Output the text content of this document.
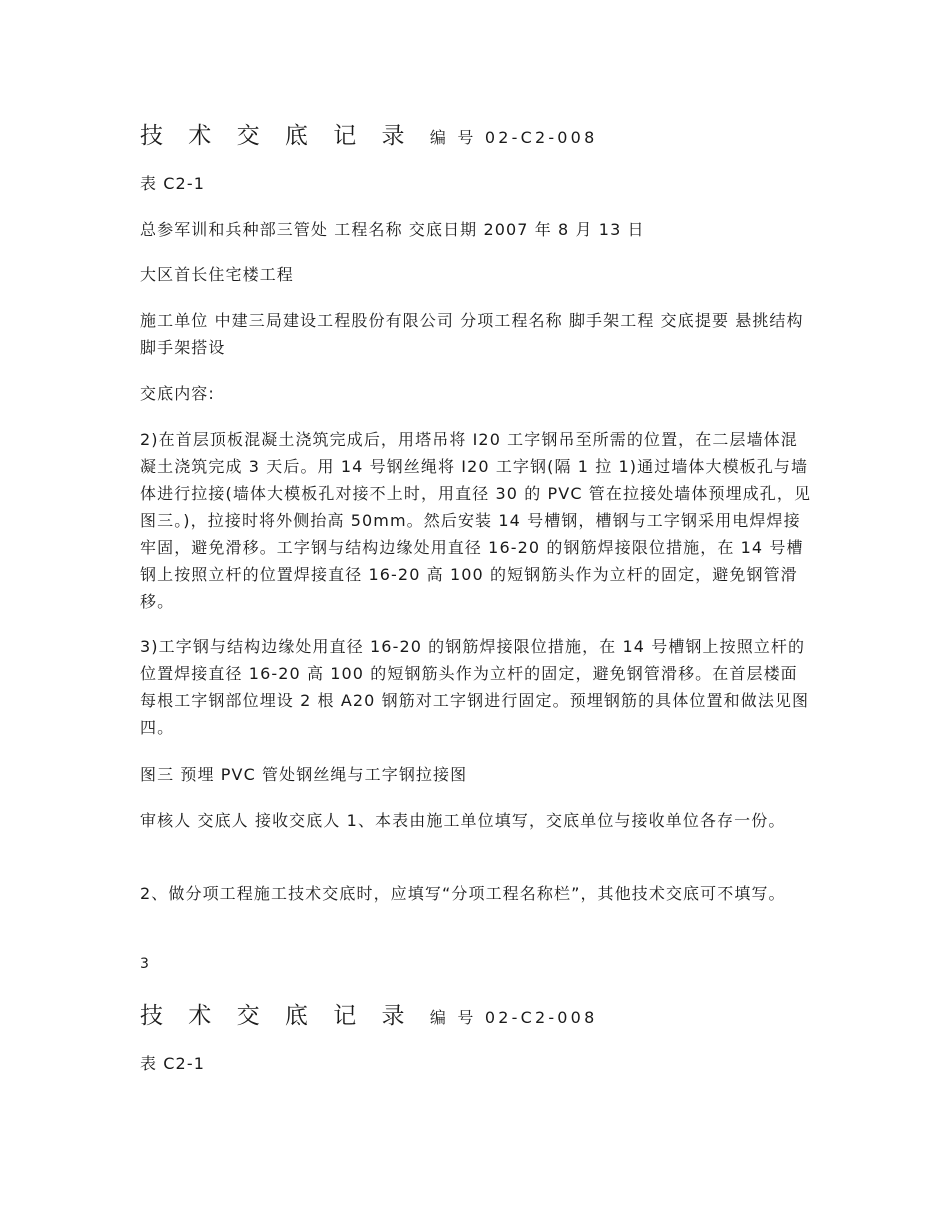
技 术 交 底 记 录 编 号 02-C2-008
表 C2-1
总参军训和兵种部三管处 工程名称 交底日期 2007 年 8 月 13 日
大区首长住宅楼工程
施工单位 中建三局建设工程股份有限公司 分项工程名称 脚手架工程 交底提要 悬挑结构脚手架搭设
交底内容:
2)在首层顶板混凝土浇筑完成后，用塔吊将 I20 工字钢吊至所需的位置，在二层墙体混凝土浇筑完成 3 天后。用 14 号钢丝绳将 I20 工字钢(隔 1 拉 1)通过墙体大模板孔与墙体进行拉接(墙体大模板孔对接不上时，用直径 30 的 PVC 管在拉接处墙体预埋成孔，见图三。)，拉接时将外侧抬高 50mm。然后安装 14 号槽钢，槽钢与工字钢采用电焊焊接牢固，避免滑移。工字钢与结构边缘处用直径 16-20 的钢筋焊接限位措施，在 14 号槽钢上按照立杆的位置焊接直径 16-20 高 100 的短钢筋头作为立杆的固定，避免钢管滑移。
3)工字钢与结构边缘处用直径 16-20 的钢筋焊接限位措施，在 14 号槽钢上按照立杆的位置焊接直径 16-20 高 100 的短钢筋头作为立杆的固定，避免钢管滑移。在首层楼面每根工字钢部位埋设 2 根 A20 钢筋对工字钢进行固定。预埋钢筋的具体位置和做法见图四。
图三 预埋 PVC 管处钢丝绳与工字钢拉接图
审核人 交底人 接收交底人 1、本表由施工单位填写，交底单位与接收单位各存一份。
2、做分项工程施工技术交底时，应填写“分项工程名称栏”，其他技术交底可不填写。
3
技 术 交 底 记 录 编 号 02-C2-008
表 C2-1
